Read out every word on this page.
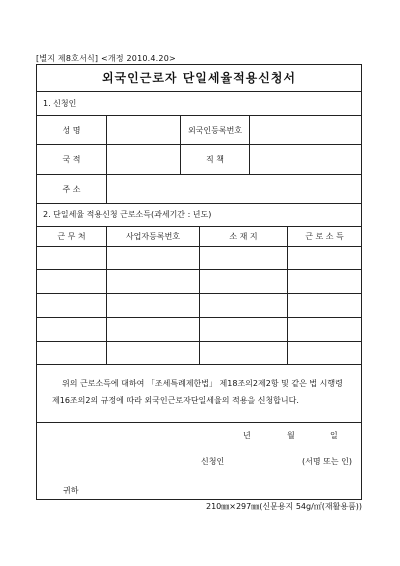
[별지 제8호서식] <개정 2010.4.20>
외국인근로자 단일세율적용신청서
1. 신청인
성 명		외국인등록번호	
국 적		직 책	
주 소			
2. 단일세율 적용신청 근로소득(과세기간 : 년도)
근 무 처	사업자등록번호	소 재 지	근 로 소 득

위의 근로소득에 대하여 「조세특례제한법」 제18조의2제2항 및 같은 법 시행령 제16조의2의 규정에 따라 외국인근로자단일세율의 적용을 신청합니다.
년	월	일
신청인	(서명 또는 인)
귀하
210㎜×297㎜(신문용지 54g/㎡(재활용품))
